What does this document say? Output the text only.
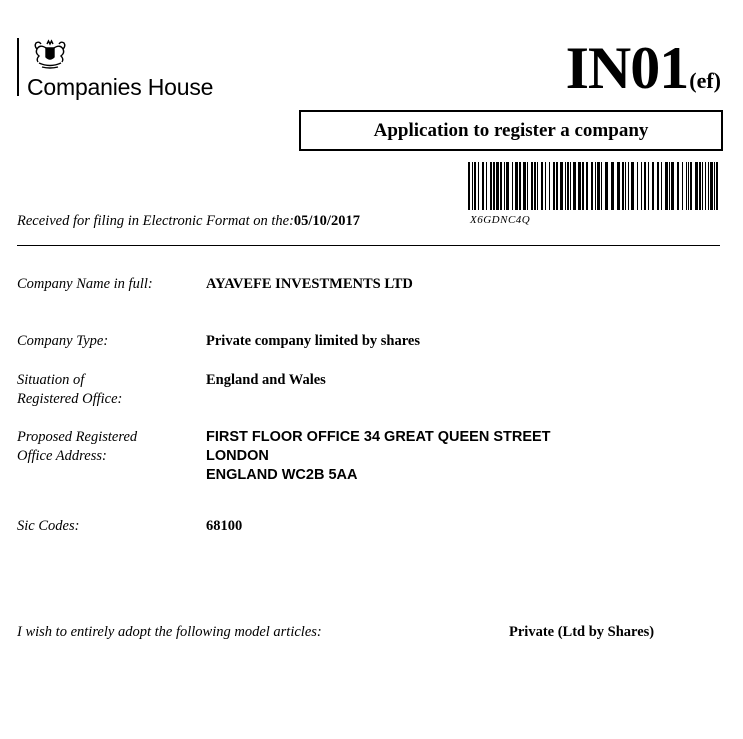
Companies House	IN01(ef)
Application to register a company
X6GDNC4Q
Received for filing in Electronic Format on the:05/10/2017
Company Name in full:	AYAVEFE INVESTMENTS LTD
Company Type:	Private company limited by shares
Situation of Registered Office:
England and Wales
Proposed Registered Office Address:
FIRST FLOOR OFFICE 34 GREAT QUEEN STREET
LONDON
ENGLAND WC2B 5AA
Sic Codes:	68100
I wish to entirely adopt the following model articles:	Private (Ltd by Shares)
